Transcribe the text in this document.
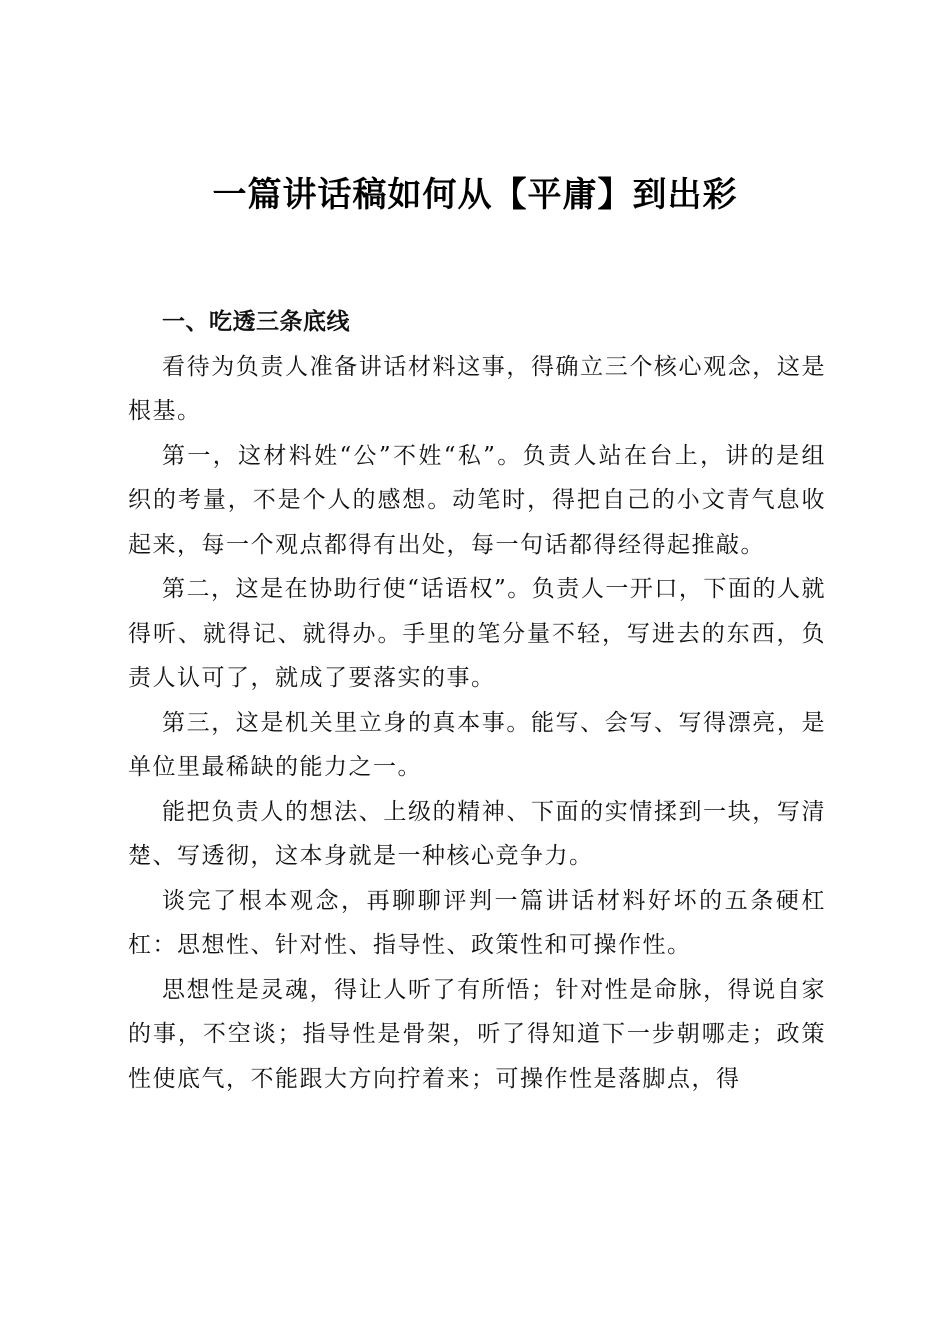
一篇讲话稿如何从【平庸】到出彩

一、吃透三条底线

看待为负责人准备讲话材料这事，得确立三个核心观念，这是根基。

第一，这材料姓“公”不姓“私”。负责人站在台上，讲的是组织的考量，不是个人的感想。动笔时，得把自己的小文青气息收起来，每一个观点都得有出处，每一句话都得经得起推敲。

第二，这是在协助行使“话语权”。负责人一开口，下面的人就得听、就得记、就得办。手里的笔分量不轻，写进去的东西，负责人认可了，就成了要落实的事。

第三，这是机关里立身的真本事。能写、会写、写得漂亮，是单位里最稀缺的能力之一。

能把负责人的想法、上级的精神、下面的实情揉到一块，写清楚、写透彻，这本身就是一种核心竞争力。

谈完了根本观念，再聊聊评判一篇讲话材料好坏的五条硬杠杠：思想性、针对性、指导性、政策性和可操作性。

思想性是灵魂，得让人听了有所悟；针对性是命脉，得说自家的事，不空谈；指导性是骨架，听了得知道下一步朝哪走；政策性使底气，不能跟大方向拧着来；可操作性是落脚点，得
